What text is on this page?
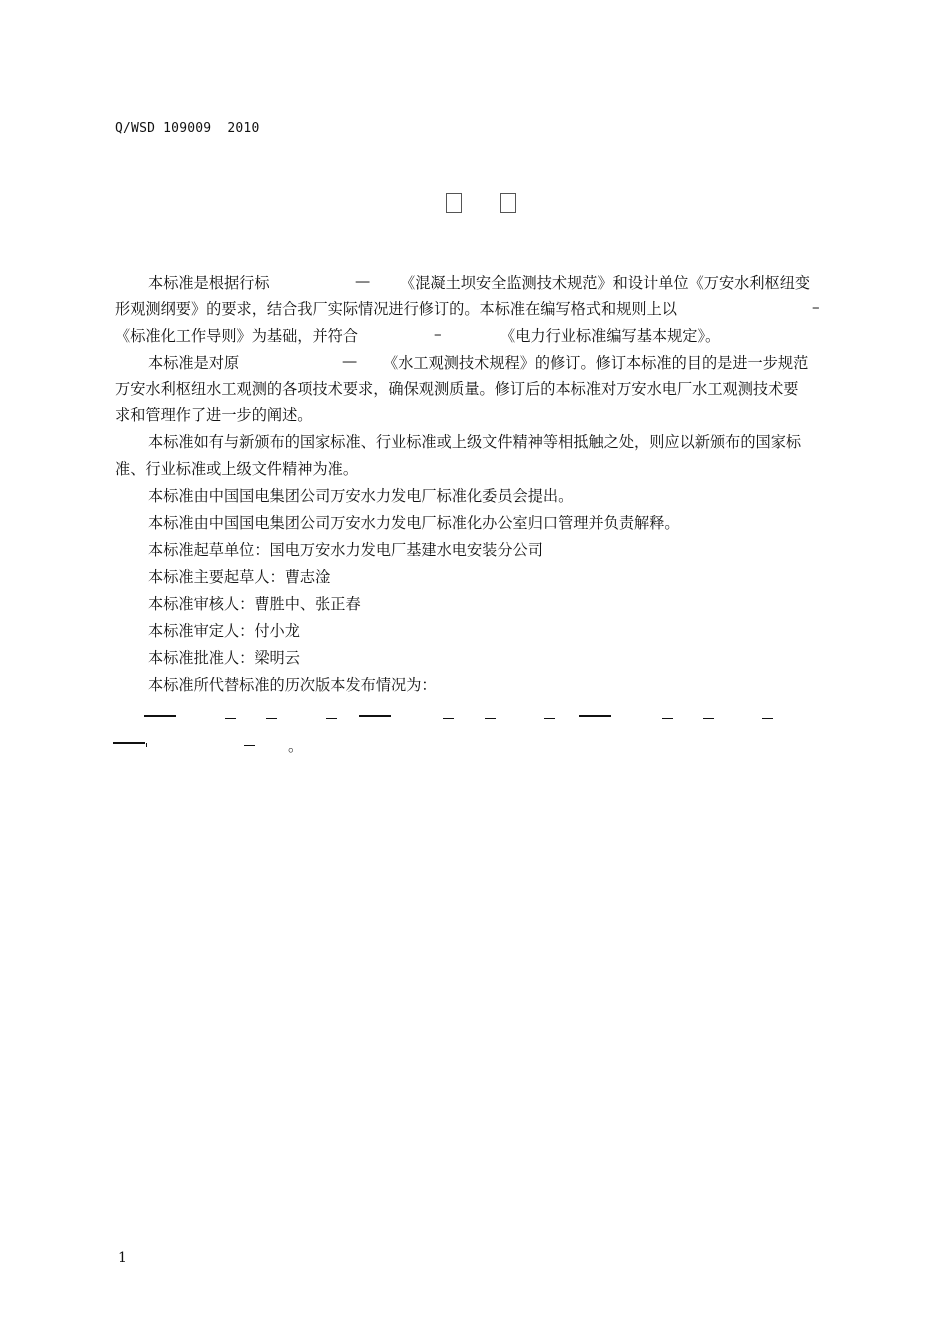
Q/WSD 109009  2010
本标准是根据行标	— 《混凝土坝安全监测技术规范》和设计单位《万安水利枢纽变
形观测纲要》的要求，结合我厂实际情况进行修订的。本标准在编写格式和规则上以	–
《标准化工作导则》为基础，并符合	–	《电力行业标准编写基本规定》。
本标准是对原	— 《水工观测技术规程》的修订。修订本标准的目的是进一步规范
万安水利枢纽水工观测的各项技术要求，确保观测质量。修订后的本标准对万安水电厂水工观测技术要
求和管理作了进一步的阐述。
本标准如有与新颁布的国家标准、行业标准或上级文件精神等相抵触之处，则应以新颁布的国家标
准、行业标准或上级文件精神为准。
本标准由中国国电集团公司万安水力发电厂标准化委员会提出。
本标准由中国国电集团公司万安水力发电厂标准化办公室归口管理并负责解释。
本标准起草单位：国电万安水力发电厂基建水电安装分公司
本标准主要起草人：曹志淦
本标准审核人：曹胜中、张正春
本标准审定人：付小龙
本标准批准人：梁明云
本标准所代替标准的历次版本发布情况为：
。
1
